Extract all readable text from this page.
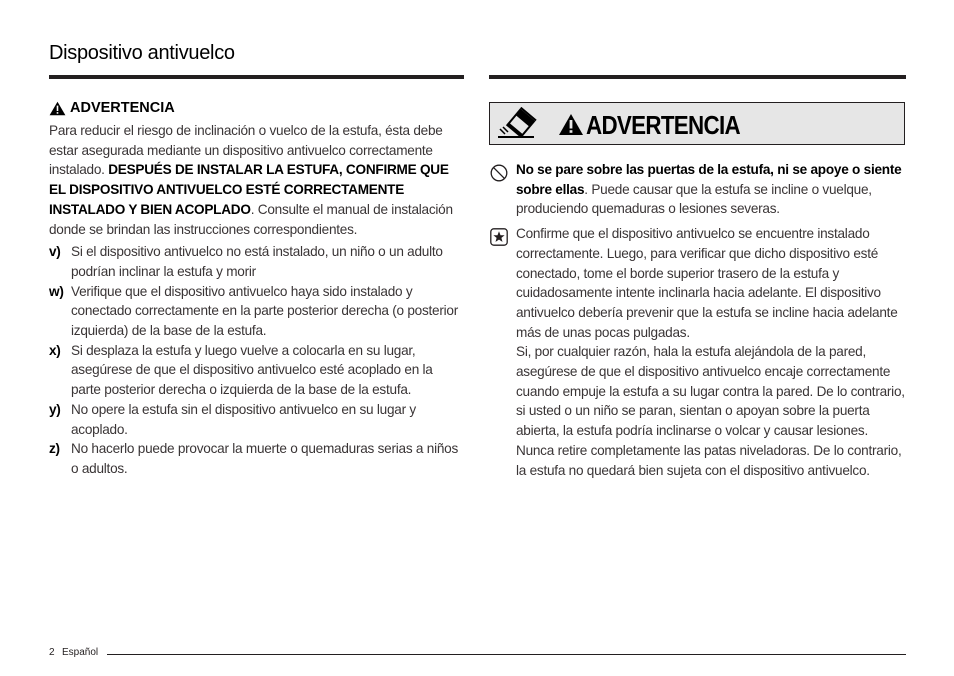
Dispositivo antivuelco
ADVERTENCIA
Para reducir el riesgo de inclinación o vuelco de la estufa, ésta debe estar asegurada mediante un dispositivo antivuelco correctamente instalado. DESPUÉS DE INSTALAR LA ESTUFA, CONFIRME QUE EL DISPOSITIVO ANTIVUELCO ESTÉ CORRECTAMENTE INSTALADO Y BIEN ACOPLADO. Consulte el manual de instalación donde se brindan las instrucciones correspondientes.
v) Si el dispositivo antivuelco no está instalado, un niño o un adulto podrían inclinar la estufa y morir
w) Verifique que el dispositivo antivuelco haya sido instalado y conectado correctamente en la parte posterior derecha (o posterior izquierda) de la base de la estufa.
x) Si desplaza la estufa y luego vuelve a colocarla en su lugar, asegúrese de que el dispositivo antivuelco esté acoplado en la parte posterior derecha o izquierda de la base de la estufa.
y) No opere la estufa sin el dispositivo antivuelco en su lugar y acoplado.
z) No hacerlo puede provocar la muerte o quemaduras serias a niños o adultos.
ADVERTENCIA
No se pare sobre las puertas de la estufa, ni se apoye o siente sobre ellas. Puede causar que la estufa se incline o vuelque, produciendo quemaduras o lesiones severas.
Confirme que el dispositivo antivuelco se encuentre instalado correctamente. Luego, para verificar que dicho dispositivo esté conectado, tome el borde superior trasero de la estufa y cuidadosamente intente inclinarla hacia adelante. El dispositivo antivuelco debería prevenir que la estufa se incline hacia adelante más de unas pocas pulgadas.
Si, por cualquier razón, hala la estufa alejándola de la pared, asegúrese de que el dispositivo antivuelco encaje correctamente cuando empuje la estufa a su lugar contra la pared. De lo contrario, si usted o un niño se paran, sientan o apoyan sobre la puerta abierta, la estufa podría inclinarse o volcar y causar lesiones.
Nunca retire completamente las patas niveladoras. De lo contrario, la estufa no quedará bien sujeta con el dispositivo antivuelco.
2 Español
